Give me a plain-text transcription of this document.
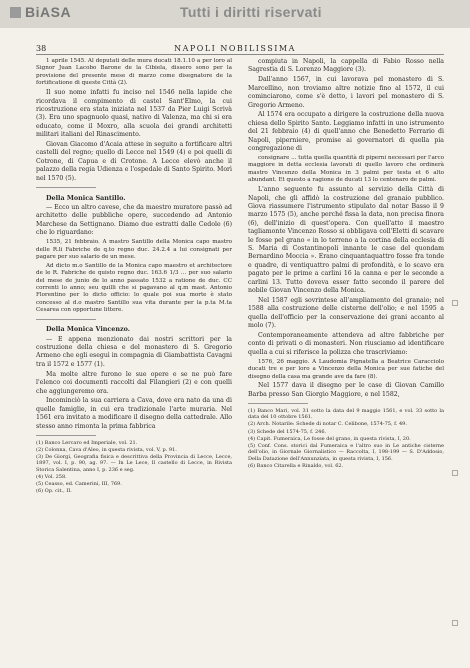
BiASA	Tutti i diritti riservati
38	NAPOLI NOBILISSIMA

1 aprile 1545. Al deputati delle mura ducati 18.1.10 a per loro al Signor Juan Lacobo Barone de la Cibiela, dissero sono per la provisione del presente mese di marzo come disegnatore de la fortificatione di queste Città (2).

Il suo nome infatti fu inciso nel 1546 nella lapide che ricordava il compimento di castel Sant'Elmo, la cui ricostruzione era stata iniziata nel 1537 da Pier Luigi Scrivà (3). Era uno spagnuolo quasi, nativo di Valenza, ma chi si era educato, come il Moxro, alla scuola dei grandi architetti militari italiani del Rinascimento.

Giovan Giacomo d'Acaia attese in seguito a fortificare altri castelli del regno; quello di Lecce nel 1549 (4) e poi quelli di Cotrone, di Capua e di Crotone. A Lecce elevò anche il palazzo della regia Udienza e l'ospedale di Santo Spirito. Morì nel 1570 (5).

Della Monica Santillo.

— Ecco un altro cavese, che da maestro muratore passò ad architetto delle pubbliche opere, succedendo ad Antonio Marchese da Settignano. Diamo due estratti dalle Cedole (6) che lo riguardano:

1535, 21 febbraio. A mastro Santillo della Monica capo mastro delle R.li Fabriche de q.to regno duc. 24.2.4 a lui consignati per pagare per suo salario de un mese.

Ad dicto m.o Santillo de la Monica capo maestro et architectore de le R. Fabriche de quisto regno duc. 163.6 1/3 ... per suo salario del mese de junio de lo anno passato 1532 a ratione de duc. CC correnti lo anno; seu quilli che si pagavano al q.m mast. Antonio Florentino per lo dicto officio: lo quale poi sua morte è stato concesso al d.o mastro Santillo sua vita durante per la p.ta M.ta Cesarea con opportune littere.

Della Monica Vincenzo.

— E appena menzionato dai nostri scrittori per la costruzione della chiesa e del monastero di S. Gregorio Armeno che egli eseguì in compagnia di Giambattista Cavagni tra il 1572 e 1577 (1).

Ma molte altre furono le sue opere e se ne può fare l'elenco coi documenti raccolti dal Filangieri (2) e con quelli che aggiungeremo ora.

Incominciò la sua carriera a Cava, dove era nato da una di quelle famiglie, in cui era tradizionale l'arte muraria. Nel 1561 era invitato a modificare il disegno della cattedrale. Allo stesso anno rimonta la prima fabbrica

(1) Banco Lercaro ed Imperiale, vol. 21.

(2) Colonna, Cava d'Aleo, in questa rivista, vol. V, p. 91.

(3) De Giorgi, Geografia fisica e descrittiva della Provincia di Lecce, Lecce, 1897, vol. I, p. 90, ag. 97. — In Le Lece, Il castello di Lecce, in Rivista Storica Salentina, anno I, p. 236 e seg.

(4) Vol. 258.

(5) Ceasso, ed. Camerini, III, 769.

(6) Op. cit., II.

compiuta in Napoli, la cappella di Fabio Rosso nella Sagrestia di S. Lorenzo Maggiore (3).

Dall'anno 1567, in cui lavorava pel monastero di S. Marcellino, non troviamo altre notizie fino al 1572, il cui cominciarono, come s'è detto, i lavori pel monastero di S. Gregorio Armeno.

Al 1574 era occupato a dirigere la costruzione della nuova chiesa dello Spirito Santo. Leggiamo infatti in uno istrumento del 21 febbraio (4) di quell'anno che Benedetto Ferrario di Napoli, piperniere, promise ai governatori di quella pia congregazione di

consignare ... tutta quella quantità di piperni necessari per l'arco maggiore in detta ecclesia lavorati di quello lavoro che ordinerà mastro Vincenzo della Monica in 3 palmi per testa et 6 alto abundant. Et questo a ragione de ducati 13 lo centenaro de palmi.

L'anno seguente fu assunto al servizio della Città di Napoli, che gli affidò la costruzione del granaio pubblico. Giova riassumere l'istrumento stipulato dal notar Basso il 9 marzo 1575 (5), anche perché fissa la data, non precisa finora (6), dell'inizio di quest'opera. Con quell'atto il maestro tagliamonte Vincenzo Rosso si obbligava coll'Eletti di scavare le fosse pel grano « in lo terreno a la cortina della ecclesia di S. Maria di Costantinopoli innante le case del quondam Bernardino Moccia ». Erano cinquantaquattro fosse fra tonde e quadre, di ventiquattro palmi di profondità, e lo scavo era pagato per le prime a carlini 16 la canna e per le seconde a carlini 13. Tutto doveva esser fatto secondo il parere del nobile Giovan Vincenzo della Monica.

Nel 1587 egli sovrintese all'ampliamento del granaio; nel 1588 alla costruzione delle cisterne dell'olio; e nel 1595 a quella dell'officio per la conservazione dei grani accanto al molo (7).

Contemporaneamente attendeva ad altre fabbriche per conto di privati o di monasteri. Non riusciamo ad identificare quella a cui si riferisce la polizza che trascriviamo:

1576, 26 maggio. A Laudomia Pignatella a Beatrice Caracciolo ducati tre e per loro a Vincenzo della Monica per sue fatiche del disegno della casa ma grande ave da fare (8).

Nel 1577 dava il disegno per le case di Giovan Camillo Barba presso San Giorgio Maggiore, e nel 1582,

(1) Banco Mari, vol. 31 sotto la data del 9 maggio 1561, e vol. 33 sotto la data del 10 ottobre 1561.

(2) Arch. Notarile: Schede di notar C. Celibone, 1574-75, f. 49.

(3) Schede del 1574-75, f. 246.

(4) Capit. Fumeraica, Le fosse del grano, in questa rivista, I, 20.

(5) Conf. Cons. storici dal Fumeraica e l'altro suo in Le antiche cisterne dell'olio, in Giornale Giornalistico — Raccolta, I, 198-199 — S. D'Addosio, Della Datazione dell'Annunziata, in questa rivista, I, 156.

(6) Banco Citarella e Rinaldo, vol. 62.
